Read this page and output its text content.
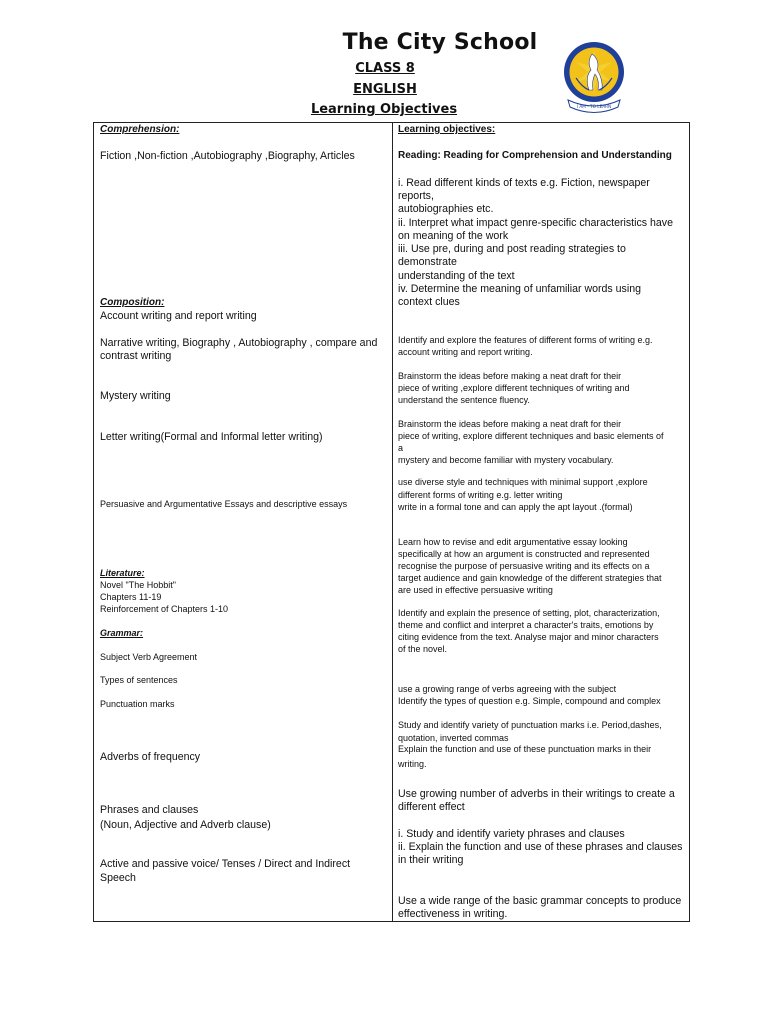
The City School
CLASS 8
ENGLISH
Learning Objectives	I AM - TO LEARN
Comprehension:	Learning objectives:
Fiction ,Non-fiction ,Autobiography ,Biography, Articles
Composition:
Account writing and report writing
Narrative writing, Biography , Autobiography , compare and
contrast writing
Mystery writing
Letter writing(Formal and Informal letter writing)
Persuasive and Argumentative Essays and descriptive essays
Literature:
Novel "The Hobbit"
Chapters 11-19
Reinforcement of Chapters 1-10
Grammar:
Subject Verb Agreement
Types of sentences
Punctuation marks
Adverbs of frequency
Phrases and clauses
(Noun, Adjective and Adverb clause)
Active and passive voice/ Tenses / Direct and Indirect
Speech
Reading: Reading for Comprehension and Understanding
i. Read different kinds of texts e.g. Fiction, newspaper
reports,
autobiographies etc.
ii. Interpret what impact genre-specific characteristics have
on meaning of the work
iii. Use pre, during and post reading strategies to
demonstrate
understanding of the text
iv. Determine the meaning of unfamiliar words using
context clues
Identify and explore the features of different forms of writing e.g.
account writing and report writing.
Brainstorm the ideas before making a neat draft for their
piece of writing ,explore different techniques of writing and
understand the sentence fluency.
Brainstorm the ideas before making a neat draft for their
piece of writing, explore different techniques and basic elements of
a
mystery and become familiar with mystery vocabulary.
use diverse style and techniques with minimal support ,explore
different forms of writing e.g. letter writing
write in a formal tone and can apply the apt layout .(formal)
Learn how to revise and edit argumentative essay looking
specifically at how an argument is constructed and represented
recognise the purpose of persuasive writing and its effects on a
target audience and gain knowledge of the different strategies that
are used in effective persuasive writing
Identify and explain the presence of setting, plot, characterization,
theme and conflict and interpret a character's traits, emotions by
citing evidence from the text. Analyse major and minor characters
of the novel.
use a growing range of verbs agreeing with the subject
Identify the types of question e.g. Simple, compound and complex
Study and identify variety of punctuation marks i.e. Period,dashes,
quotation, inverted commas
Explain the function and use of these punctuation marks in their
writing.
Use growing number of adverbs in their writings to create a
different effect
i. Study and identify variety phrases and clauses
ii. Explain the function and use of these phrases and clauses
in their writing
Use a wide range of the basic grammar concepts to produce
effectiveness in writing.
